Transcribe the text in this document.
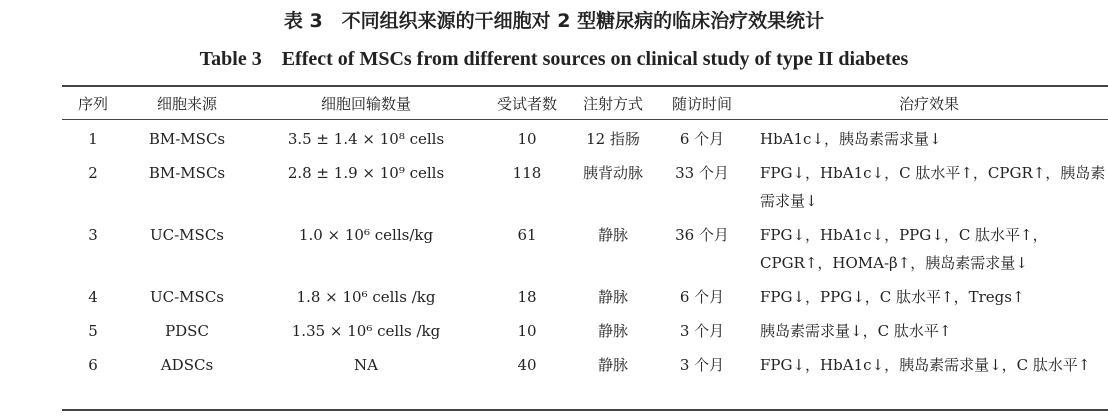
表 3　不同组织来源的干细胞对 2 型糖尿病的临床治疗效果统计
Table 3　Effect of MSCs from different sources on clinical study of type II diabetes
序列	细胞来源	细胞回输数量	受试者数	注射方式	随访时间	治疗效果
1	BM-MSCs	3.5 ± 1.4 × 10⁸ cells	10	12 指肠	6 个月	HbA1c↓，胰岛素需求量↓
2	BM-MSCs	2.8 ± 1.9 × 10⁹ cells	118	胰背动脉	33 个月	FPG↓，HbA1c↓，C 肽水平↑，CPGR↑，胰岛素需求量↓
3	UC-MSCs	1.0 × 10⁶ cells/kg	61	静脉	36 个月	FPG↓，HbA1c↓，PPG↓，C 肽水平↑，CPGR↑，HOMA-β↑，胰岛素需求量↓
4	UC-MSCs	1.8 × 10⁶ cells /kg	18	静脉	6 个月	FPG↓，PPG↓，C 肽水平↑，Tregs↑
5	PDSC	1.35 × 10⁶ cells /kg	10	静脉	3 个月	胰岛素需求量↓，C 肽水平↑
6	ADSCs	NA	40	静脉	3 个月	FPG↓，HbA1c↓，胰岛素需求量↓，C 肽水平↑
